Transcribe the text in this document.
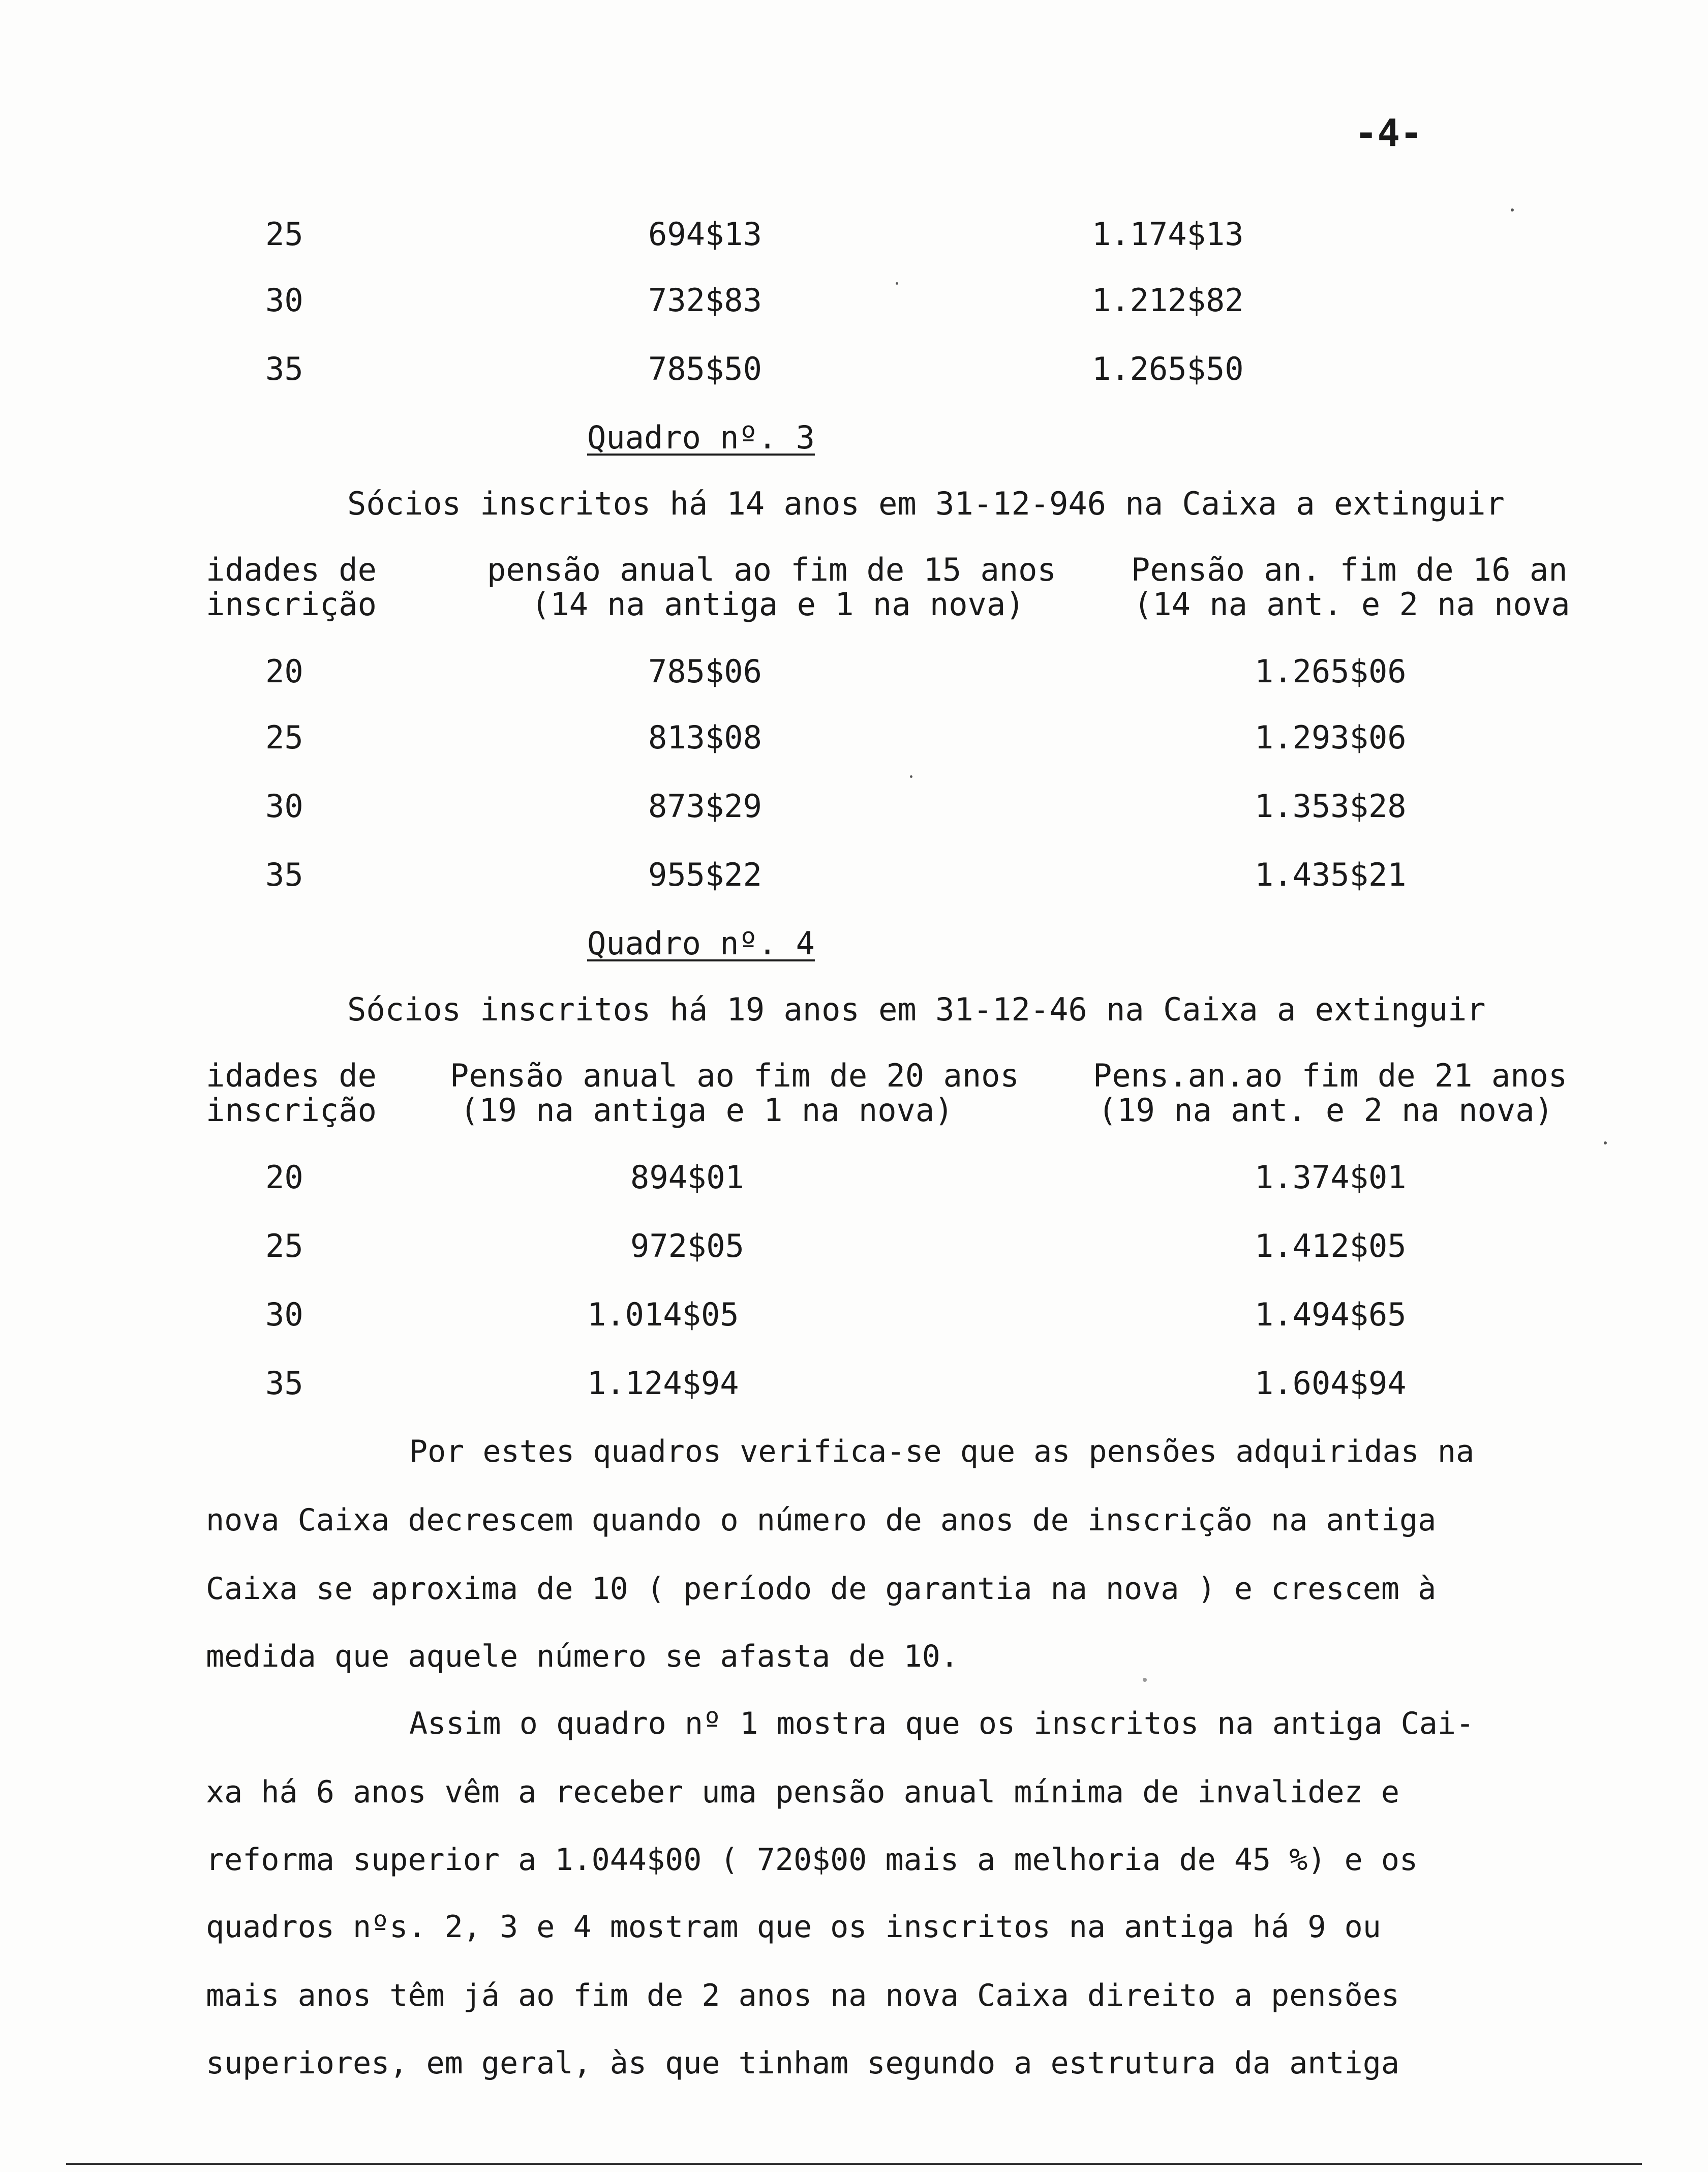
-4-
25	694$13	1.174$13
30	732$83	1.212$82
35	785$50	1.265$50
Quadro nº. 3
Sócios inscritos há 14 anos em 31-12-946 na Caixa a extinguir
idades de
inscrição
pensão anual ao fim de 15 anos
(14 na antiga e 1 na nova)
Pensão an. fim de 16 an
(14 na ant. e 2 na nova
20	785$06	1.265$06
25	813$08	1.293$06
30	873$29	1.353$28
35	955$22	1.435$21
Quadro nº. 4
Sócios inscritos há 19 anos em 31-12-46 na Caixa a extinguir
idades de
inscrição
Pensão anual ao fim de 20 anos
(19 na antiga e 1 na nova)
Pens.an.ao fim de 21 anos
(19 na ant. e 2 na nova)
20	894$01	1.374$01
25	972$05	1.412$05
30	1.014$05	1.494$65
35	1.124$94	1.604$94
Por estes quadros verifica-se que as pensões adquiridas na
nova Caixa decrescem quando o número de anos de inscrição na antiga
Caixa se aproxima de 10 ( período de garantia na nova ) e crescem à
medida que aquele número se afasta de 10.
Assim o quadro nº 1 mostra que os inscritos na antiga Cai-
xa há 6 anos vêm a receber uma pensão anual mínima de invalidez e
reforma superior a 1.044$00 ( 720$00 mais a melhoria de 45 %) e os
quadros nºs. 2, 3 e 4 mostram que os inscritos na antiga há 9 ou
mais anos têm já ao fim de 2 anos na nova Caixa direito a pensões
superiores, em geral, às que tinham segundo a estrutura da antiga
